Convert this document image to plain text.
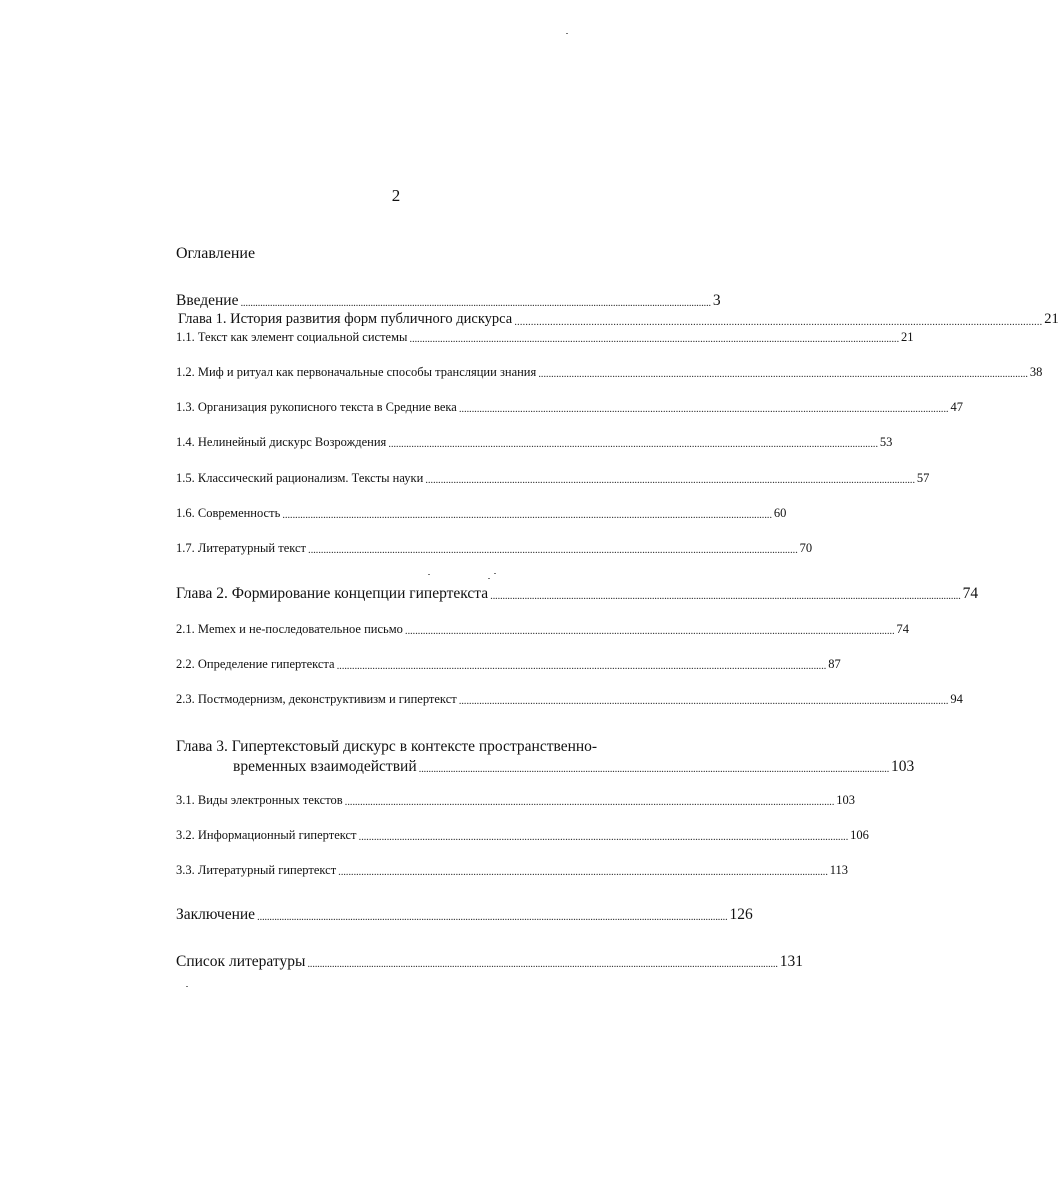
2
Оглавление
Введение ................................................................................................................................................................................................ 3
Глава 1. История развития форм публичного дискурса ................................................................................................................................................................................................ 21
1.1. Текст как элемент социальной системы ................................................................................................................................................................................................ 21
1.2. Миф и ритуал как первоначальные способы трансляции знания ................................................................................................................................................................................................ 38
1.3. Организация рукописного текста в Средние века ................................................................................................................................................................................................ 47
1.4. Нелинейный дискурс Возрождения ................................................................................................................................................................................................ 53
1.5. Классический рационализм. Тексты науки ................................................................................................................................................................................................ 57
1.6. Современность ................................................................................................................................................................................................ 60
1.7. Литературный текст ................................................................................................................................................................................................ 70
Глава 2. Формирование концепции гипертекста ................................................................................................................................................................................................ 74
2.1. Memex и не-последовательное письмо ................................................................................................................................................................................................ 74
2.2. Определение гипертекста ................................................................................................................................................................................................ 87
2.3. Постмодернизм, деконструктивизм и гипертекст ................................................................................................................................................................................................ 94
Глава 3. Гипертекстовый дискурс в контексте пространственно-
временных взаимодействий ................................................................................................................................................................................................ 103
3.1. Виды электронных текстов ................................................................................................................................................................................................ 103
3.2. Информационный гипертекст ................................................................................................................................................................................................ 106
3.3. Литературный гипертекст ................................................................................................................................................................................................ 113
Заключение ................................................................................................................................................................................................ 126
Список литературы ................................................................................................................................................................................................ 131
